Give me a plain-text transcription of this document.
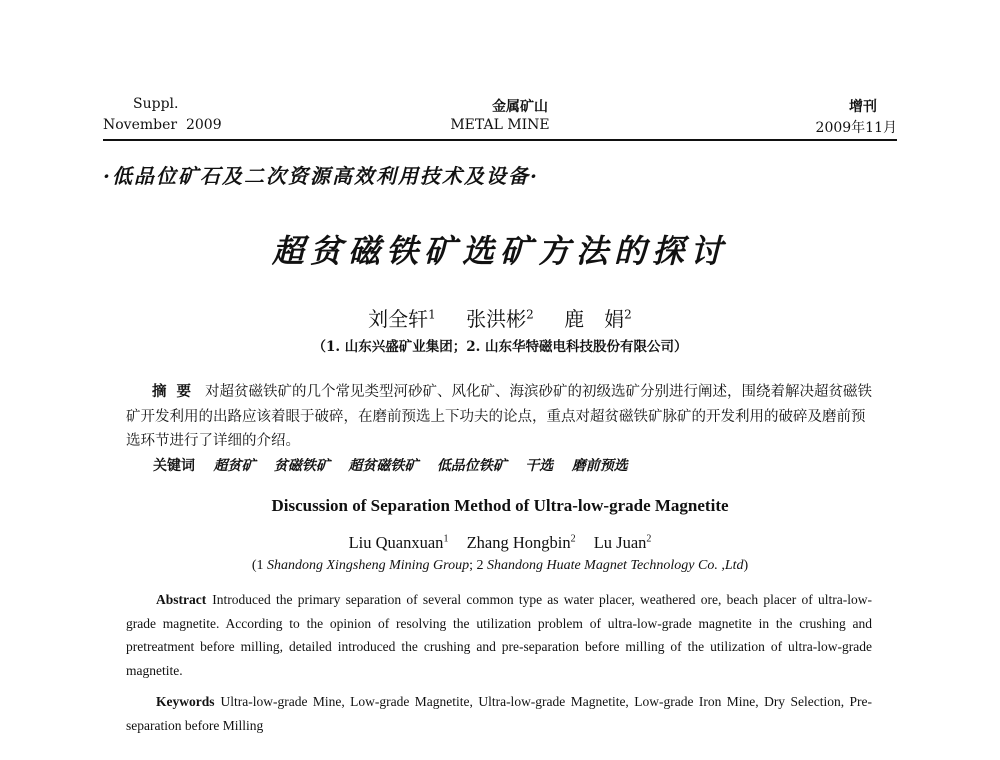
Suppl.
November  2009
金属矿山
METAL MINE
增刊
2009年11月
·低品位矿石及二次资源高效利用技术及设备·
超贫磁铁矿选矿方法的探讨
刘全轩$^1$ 张洪彬$^2$ 鹿　娟$^2$
（1. 山东兴盛矿业集团；2. 山东华特磁电科技股份有限公司）
摘要 对超贫磁铁矿的几个常见类型河砂矿、风化矿、海滨砂矿的初级选矿分别进行阐述，围绕着解决超贫磁铁矿开发利用的出路应该着眼于破碎，在磨前预选上下功夫的论点，重点对超贫磁铁矿脉矿的开发利用的破碎及磨前预选环节进行了详细的介绍。
关键词 超贫矿 贫磁铁矿 超贫磁铁矿 低品位铁矿 干选 磨前预选
Discussion of Separation Method of Ultra-low-grade Magnetite
Liu Quanxuan$^1$ Zhang Hongbin$^2$ Lu Juan$^2$
(1 Shandong Xingsheng Mining Group; 2 Shandong Huate Magnet Technology Co. ,Ltd)
Abstract Introduced the primary separation of several common type as water placer, weathered ore, beach placer of ultra-low-grade magnetite. According to the opinion of resolving the utilization problem of ultra-low-grade magnetite in the crushing and pretreatment before milling, detailed introduced the crushing and pre-separation before milling of the utilization of ultra-low-grade magnetite.
Keywords Ultra-low-grade Mine, Low-grade Magnetite, Ultra-low-grade Magnetite, Low-grade Iron Mine, Dry Selection, Pre-separation before Milling
